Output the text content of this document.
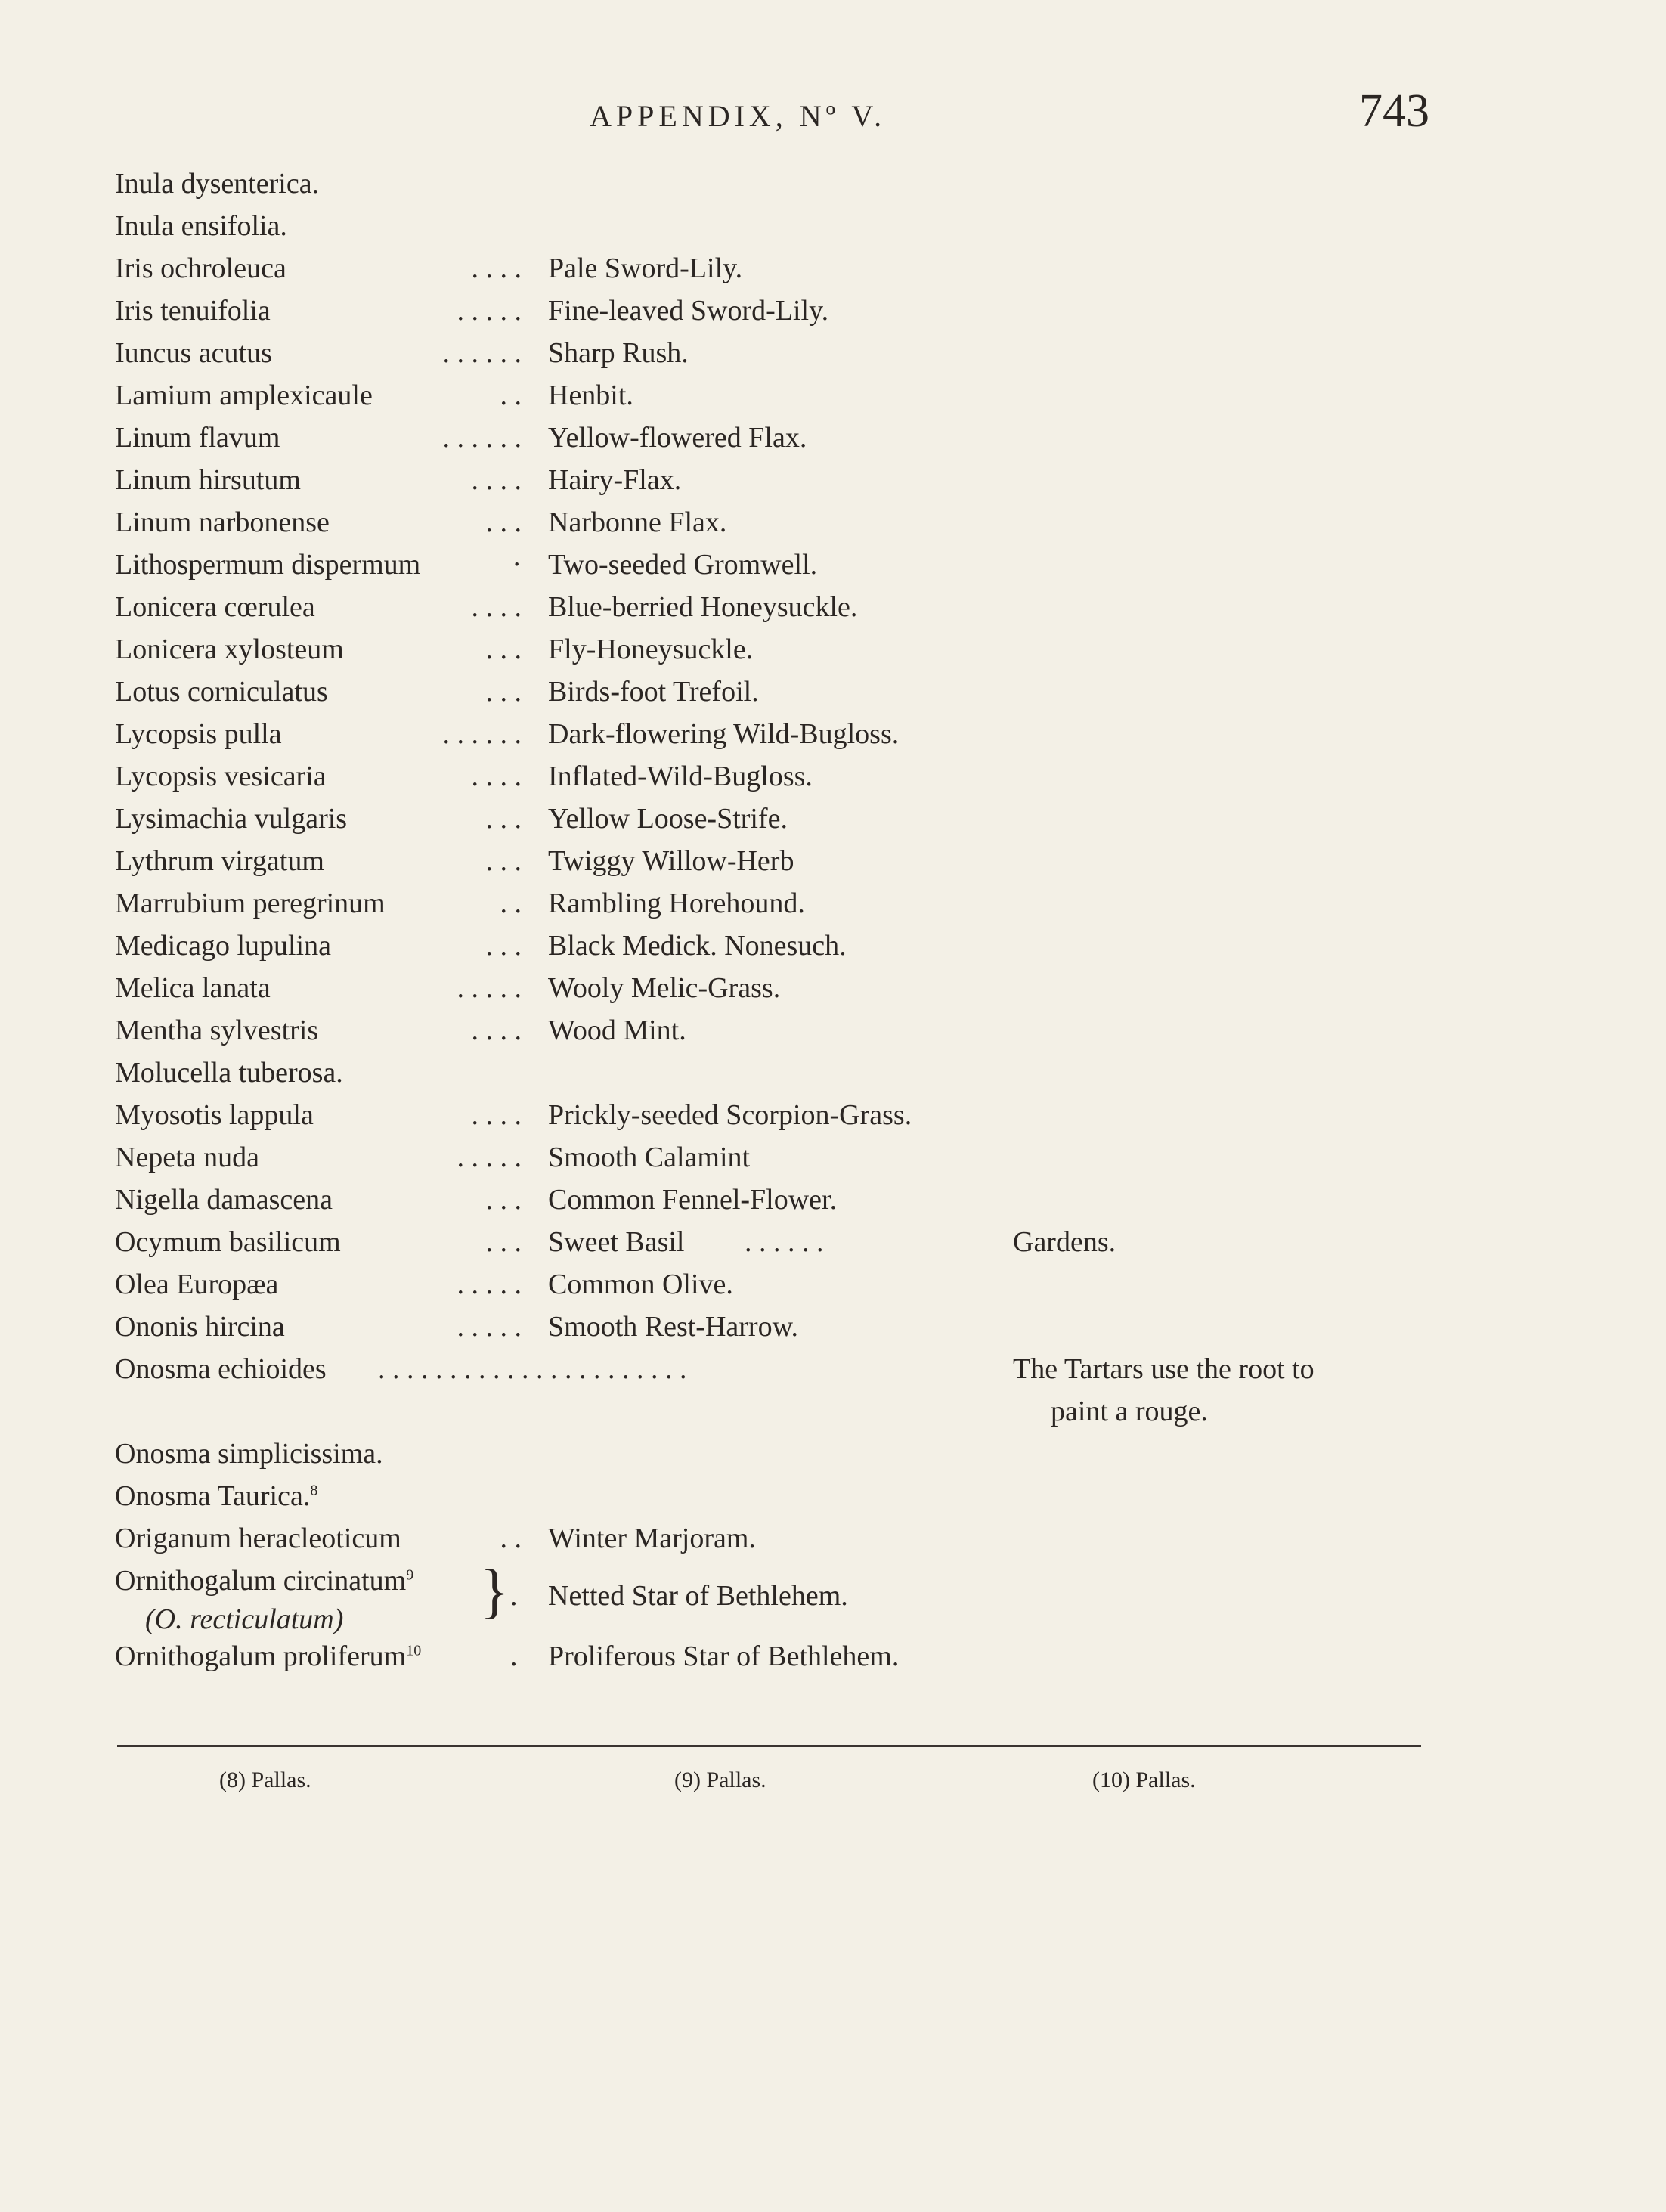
APPENDIX, Nº V.	743
Inula dysenterica.
Inula ensifolia.
Iris ochroleuca	. . . . Pale Sword-Lily.
Iris tenuifolia	. . . . . Fine-leaved Sword-Lily.
Iuncus acutus	. . . . . . Sharp Rush.
Lamium amplexicaule	. . Henbit.
Linum flavum	. . . . . . Yellow-flowered Flax.
Linum hirsutum	. . . . Hairy-Flax.
Linum narbonense	. . . Narbonne Flax.
Lithospermum dispermum	· Two-seeded Gromwell.
Lonicera cœrulea	. . . . Blue-berried Honeysuckle.
Lonicera xylosteum	. . . Fly-Honeysuckle.
Lotus corniculatus	. . . Birds-foot Trefoil.
Lycopsis pulla	. . . . . . Dark-flowering Wild-Bugloss.
Lycopsis vesicaria	. . . . Inflated-Wild-Bugloss.
Lysimachia vulgaris	. . . Yellow Loose-Strife.
Lythrum virgatum	. . . Twiggy Willow-Herb
Marrubium peregrinum	. . Rambling Horehound.
Medicago lupulina	. . . Black Medick. Nonesuch.
Melica lanata	. . . . . Wooly Melic-Grass.
Mentha sylvestris	. . . . Wood Mint.
Molucella tuberosa.
Myosotis lappula	. . . . Prickly-seeded Scorpion-Grass.
Nepeta nuda	. . . . . Smooth Calamint
Nigella damascena	. . . Common Fennel-Flower.
Ocymum basilicum	. . . Sweet Basil . . . . . .	Gardens.
Olea Europæa	. . . . . Common Olive.
Ononis hircina	. . . . . Smooth Rest-Harrow.
Onosma echioides . . . . . . . . . . . . . . . . . . . . . .	The Tartars use the root to
paint a rouge.
Onosma simplicissima.
Onosma Taurica.$^8$
Origanum heracleoticum	. . Winter Marjoram.
Ornithogalum circinatum$^9$
(O. recticulatum)	} . Netted Star of Bethlehem.
Ornithogalum proliferum$^{10}$	. Proliferous Star of Bethlehem.
(8) Pallas.	(9) Pallas.	(10) Pallas.
